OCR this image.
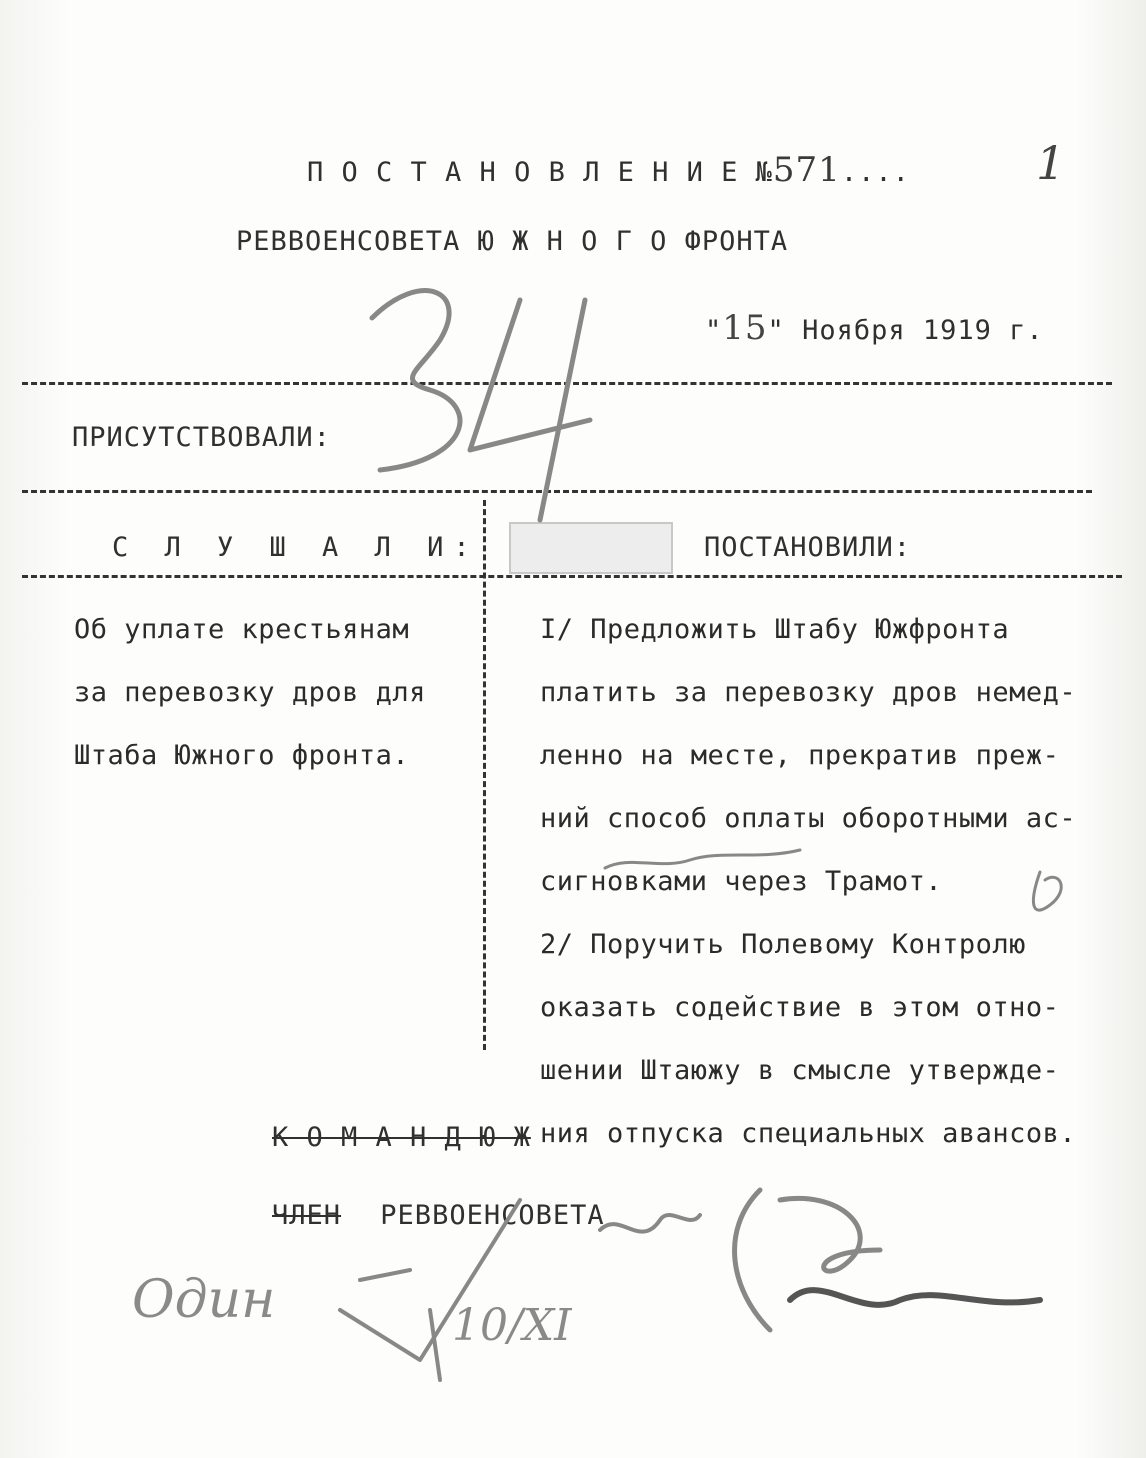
П О С Т А Н О В Л Е Н И Е №571....	1
РЕВВОЕНСОВЕТА Ю Ж Н О Г О ФРОНТА
"15" Ноября 1919 г.
ПРИСУТСТВОВАЛИ:
С Л У Ш А Л И:	ПОСТАНОВИЛИ:
Об уплате крестьянам
за перевозку дров для
Штаба Южного фронта.
I/ Предложить Штабу Южфронта
платить за перевозку дров немед-
ленно на месте, прекратив преж-
ний способ оплаты оборотными ас-
сигновками через Трамот.
2/ Поручить Полевому Контролю
оказать содействие в этом отно-
шении Штаюжу в смысле утвержде-
ния отпуска специальных авансов.
К О М А Н Д Ю Ж
ЧЛЕН РЕВВОЕНСОВЕТА
Один	10/XI
